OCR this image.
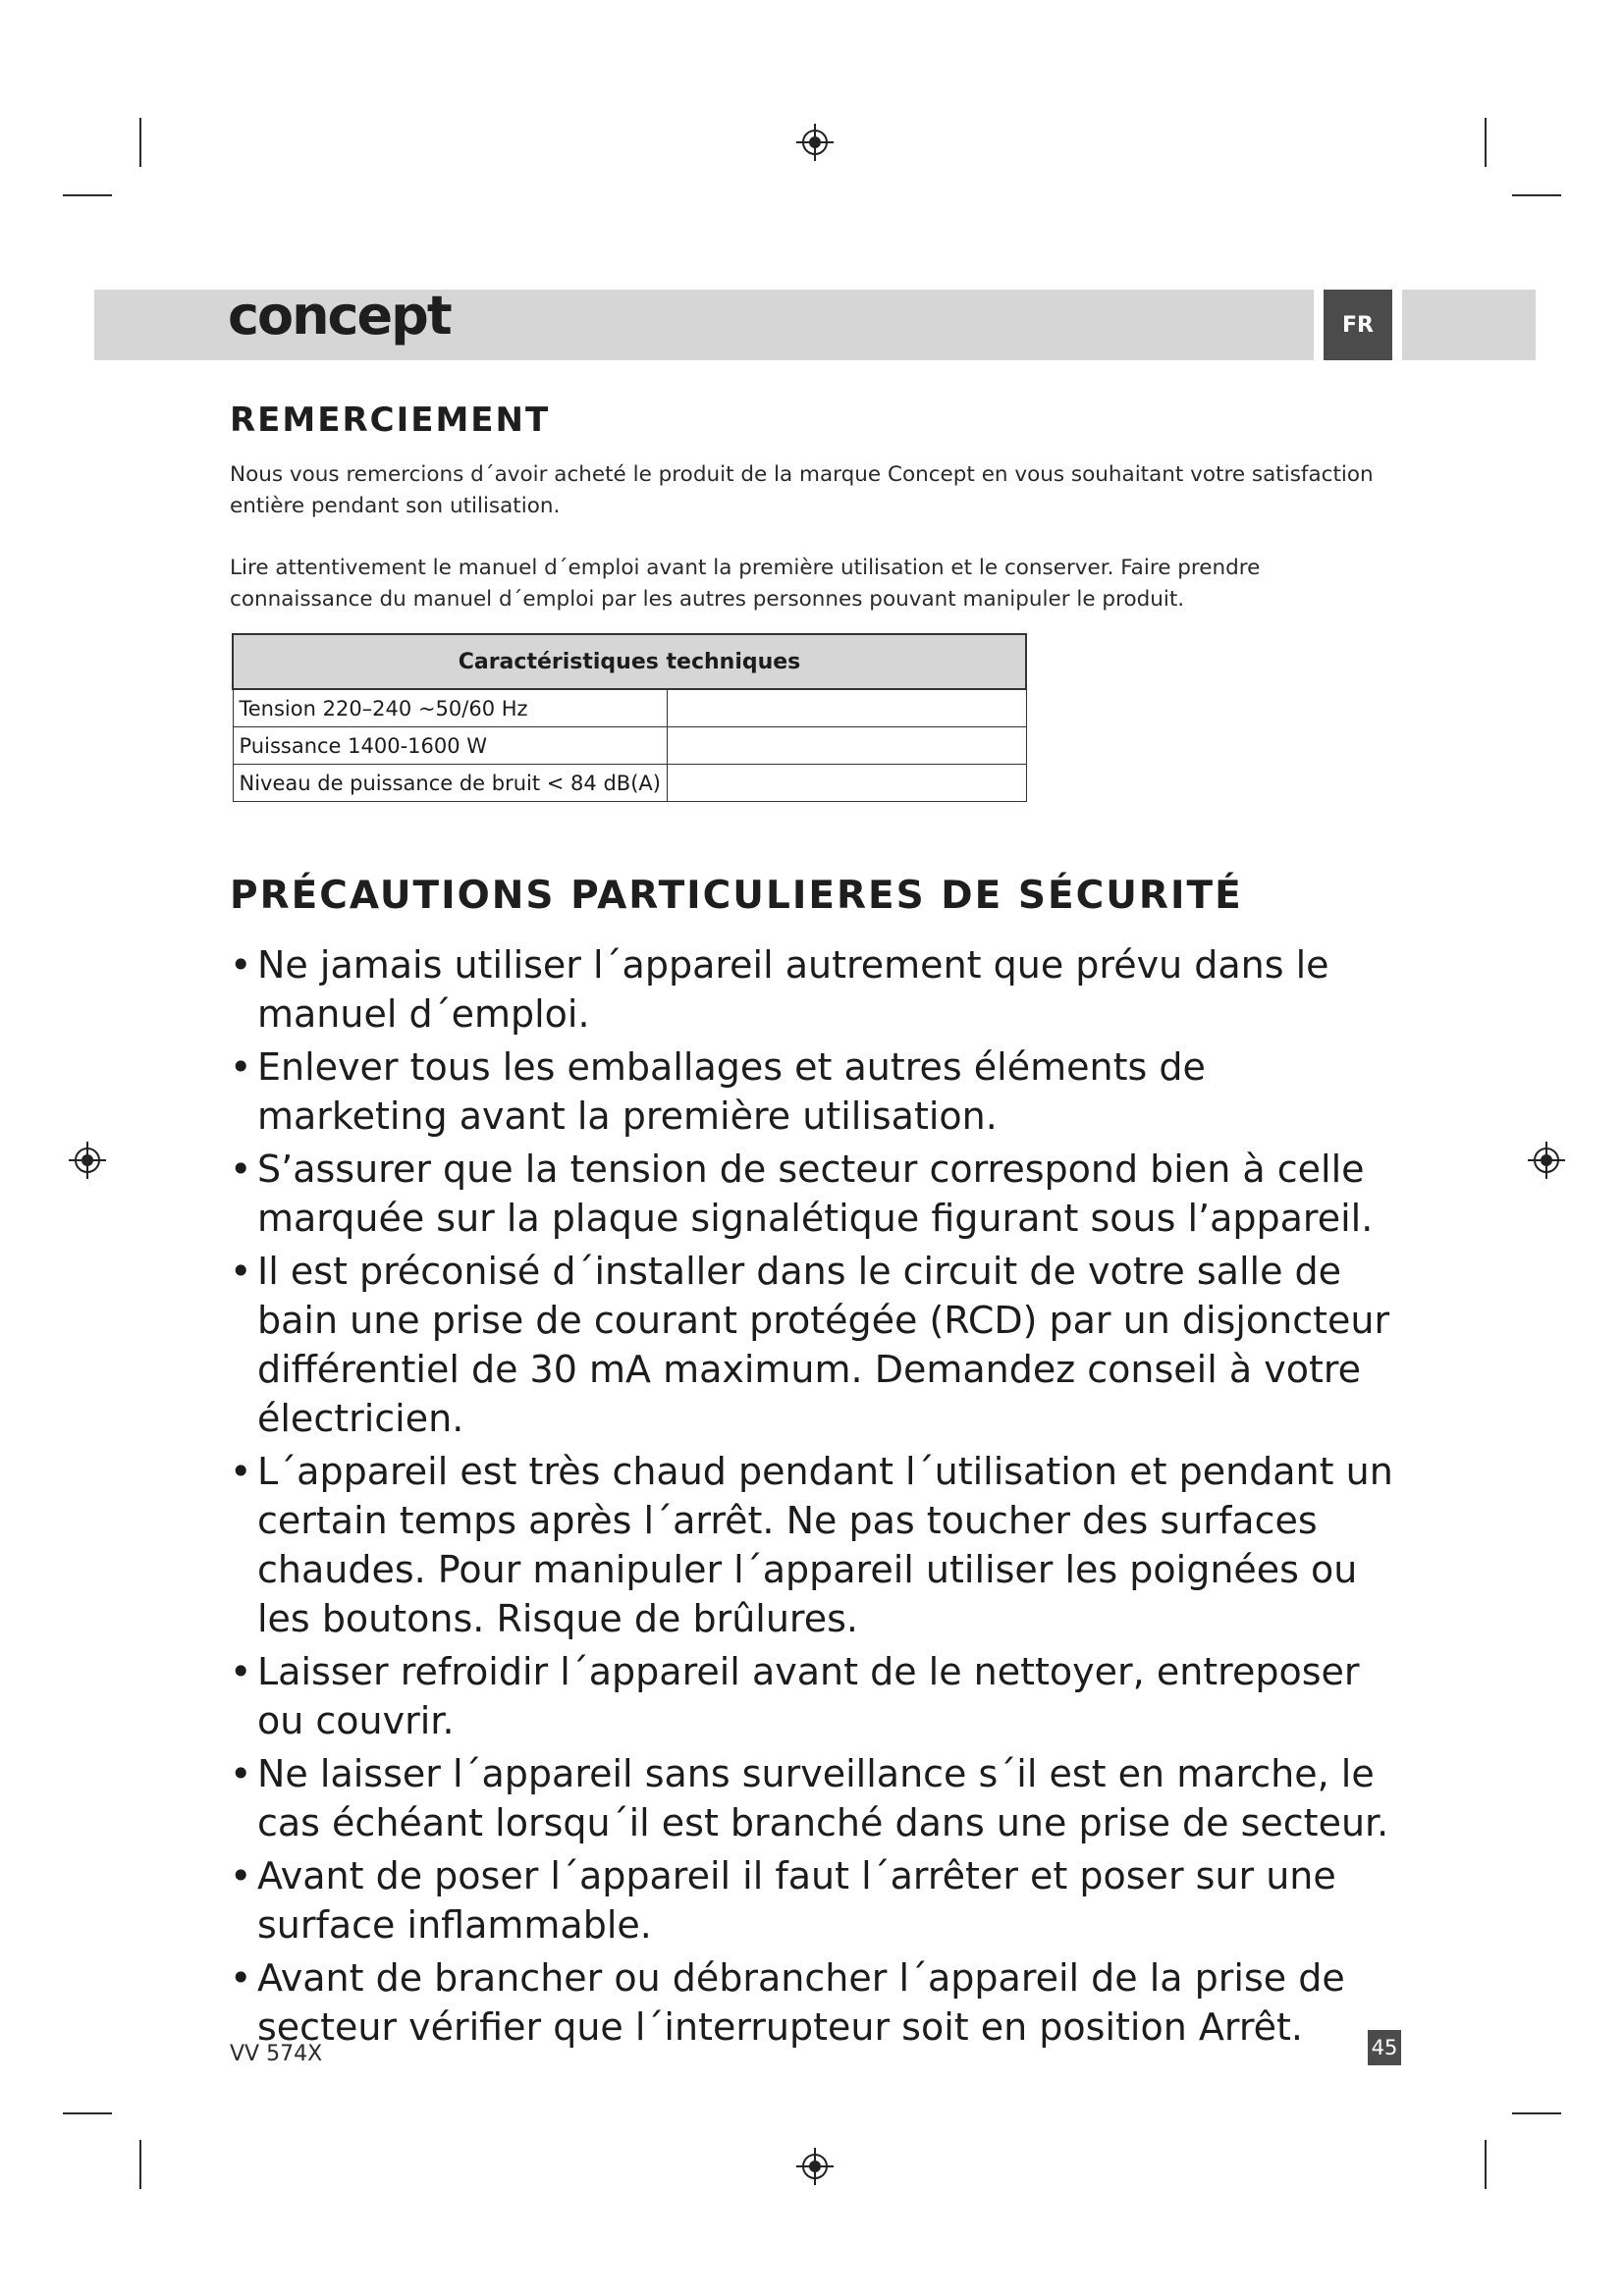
concept	FR
REMERCIEMENT
Nous vous remercions d´avoir acheté le produit de la marque Concept en vous souhaitant votre satisfaction entière pendant son utilisation.
Lire attentivement le manuel d´emploi avant la première utilisation et le conserver. Faire prendre connaissance du manuel d´emploi par les autres personnes pouvant manipuler le produit.
Caractéristiques techniques	
Tension 220–240 ~50/60 Hz	
Puissance 1400-1600 W	
Niveau de puissance de bruit < 84 dB(A)	
PRÉCAUTIONS PARTICULIERES DE SÉCURITÉ
• Ne jamais utiliser l´appareil autrement que prévu dans le manuel d´emploi.
• Enlever tous les emballages et autres éléments de marketing avant la première utilisation.
• S’assurer que la tension de secteur correspond bien à celle marquée sur la plaque signalétique figurant sous l’appareil.
• Il est préconisé d´installer dans le circuit de votre salle de bain une prise de courant protégée (RCD) par un disjoncteur différentiel de 30 mA maximum. Demandez conseil à votre électricien.
• L´appareil est très chaud pendant l´utilisation et pendant un certain temps après l´arrêt. Ne pas toucher des surfaces chaudes. Pour manipuler l´appareil utiliser les poignées ou les boutons. Risque de brûlures.
• Laisser refroidir l´appareil avant de le nettoyer, entreposer ou couvrir.
• Ne laisser l´appareil sans surveillance s´il est en marche, le cas échéant lorsqu´il est branché dans une prise de secteur.
• Avant de poser l´appareil il faut l´arrêter et poser sur une surface inflammable.
• Avant de brancher ou débrancher l´appareil de la prise de secteur vérifier que l´interrupteur soit en position Arrêt.
VV 574X	45
